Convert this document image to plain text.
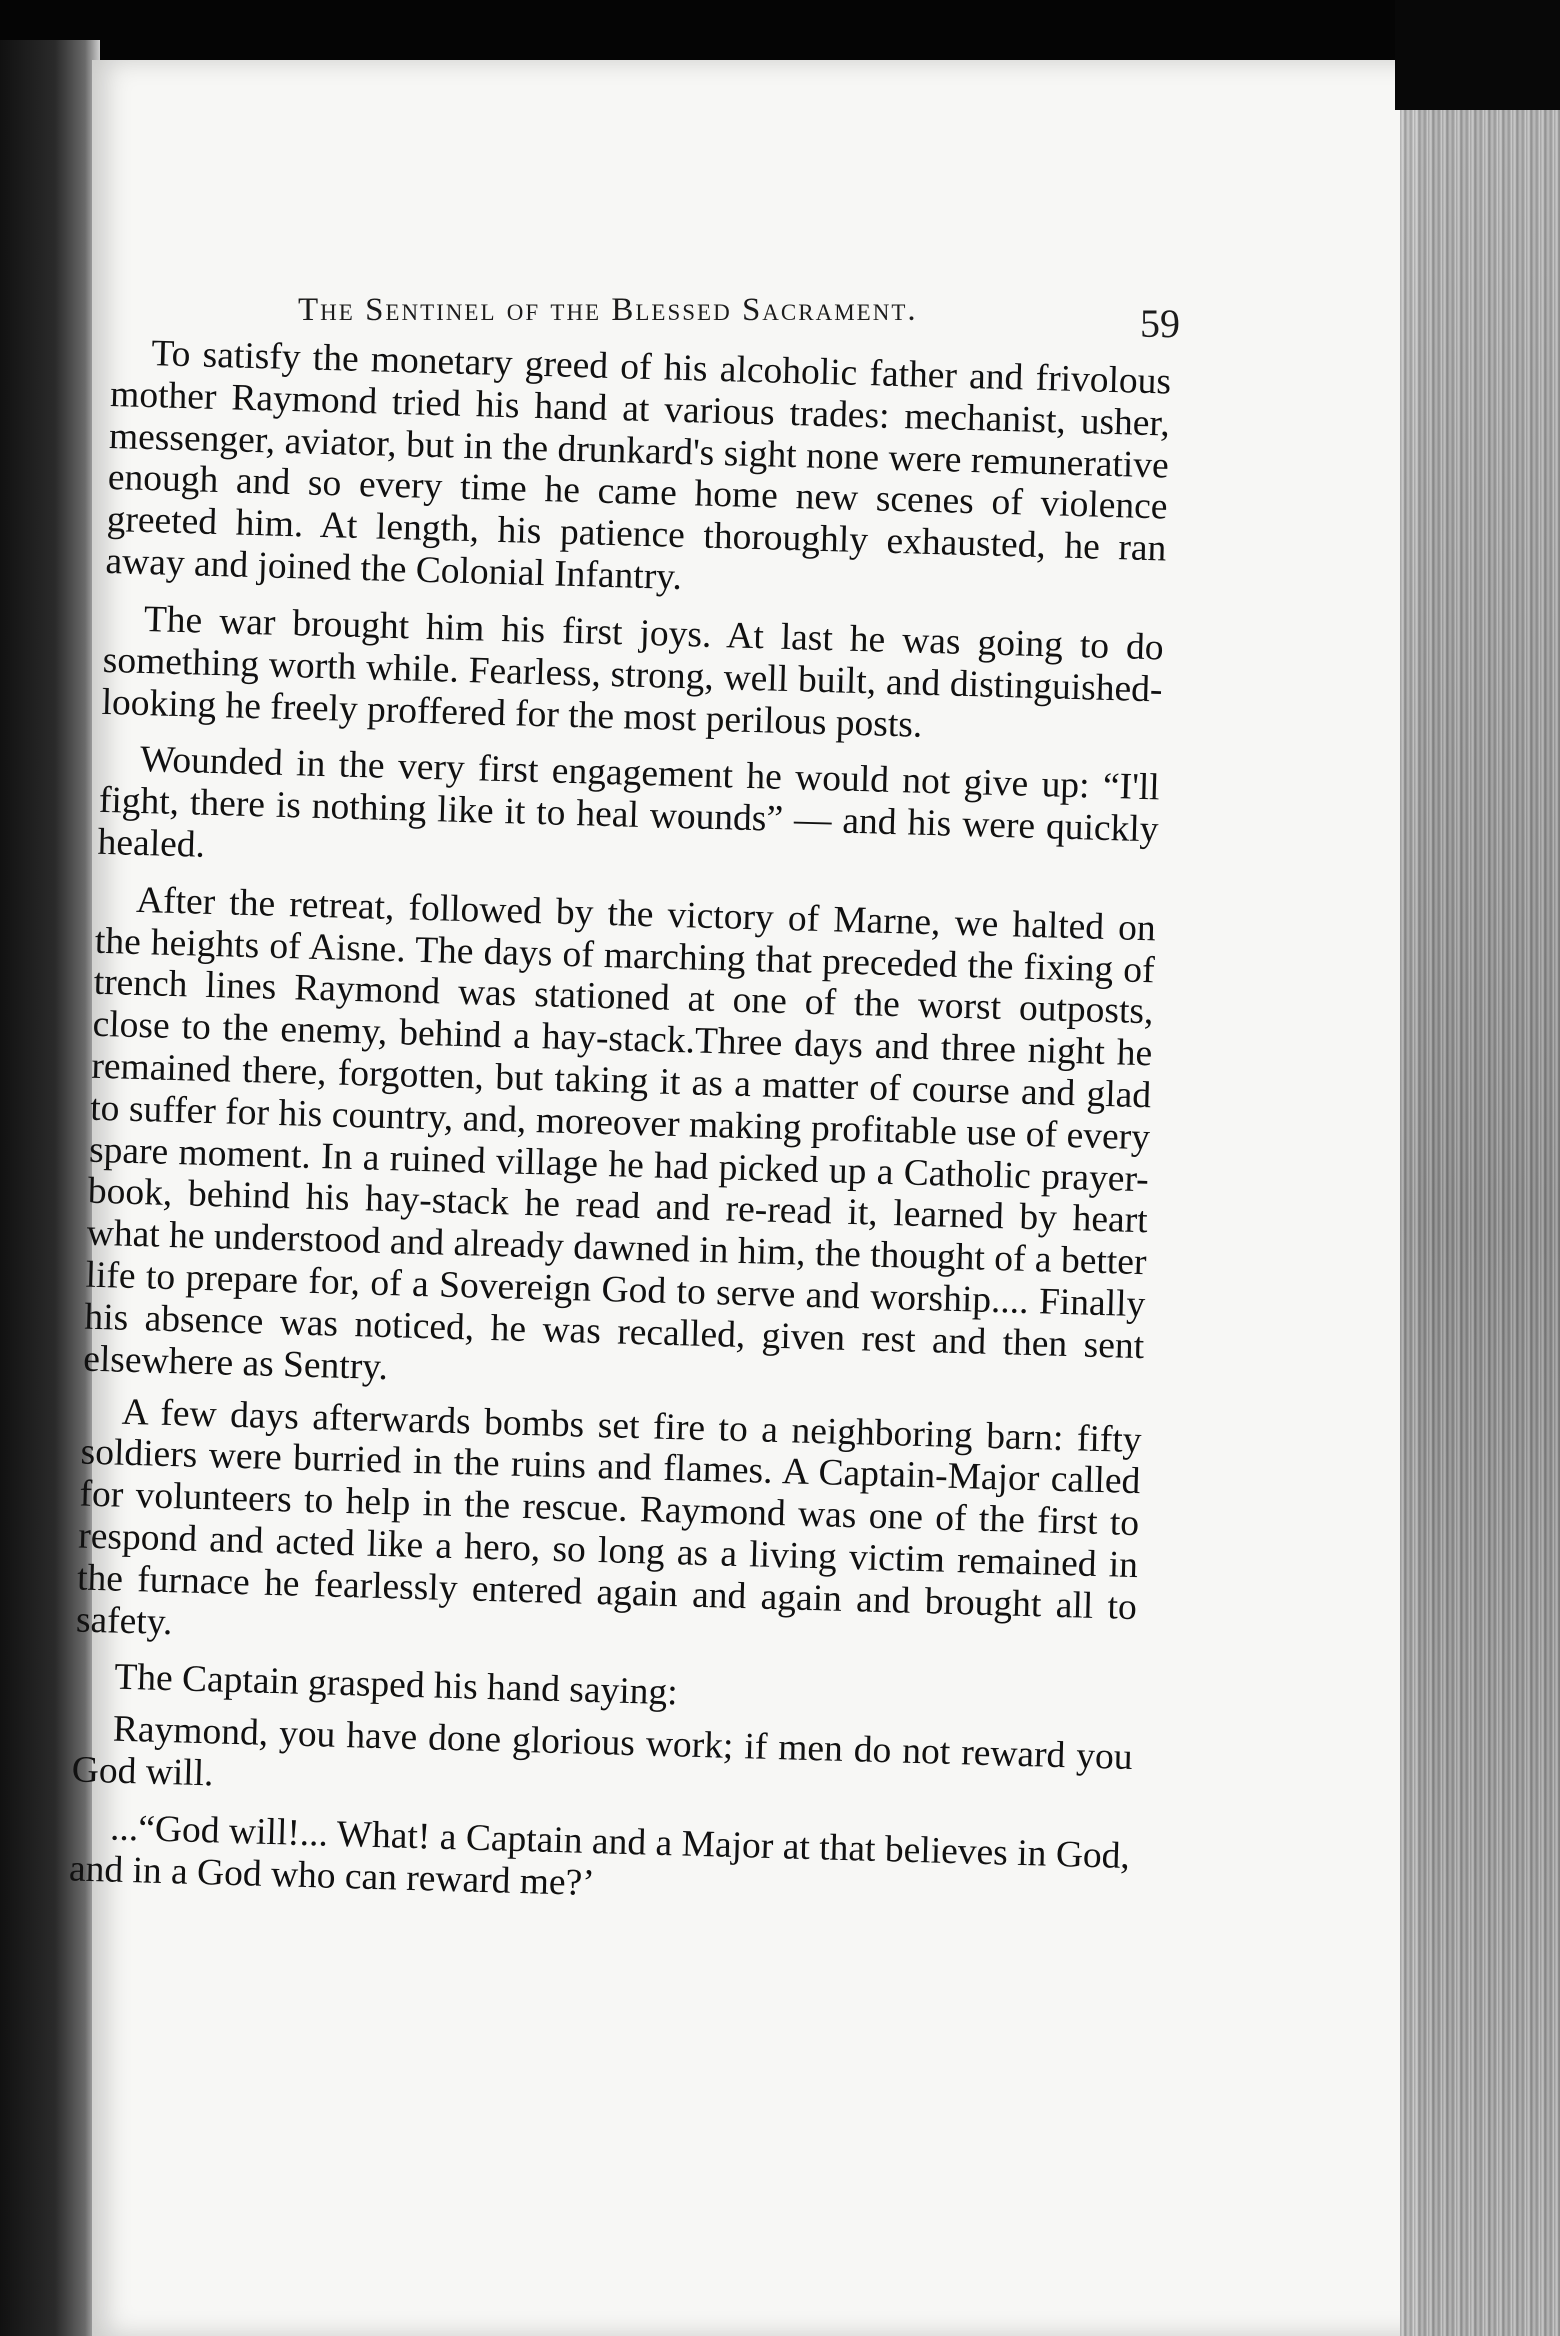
The Sentinel of the Blessed Sacrament.	59

To satisfy the monetary greed of his alcoholic father and frivolous mother Raymond tried his hand at various trades: mechanist, usher, messenger, aviator, but in the drunkard's sight none were remunerative enough and so every time he came home new scenes of violence greeted him. At length, his patience thoroughly exhausted, he ran away and joined the Colonial Infantry.

The war brought him his first joys. At last he was going to do something worth while. Fearless, strong, well built, and distinguished-looking he freely proffered for the most perilous posts.

Wounded in the very first engagement he would not give up: “I'll fight, there is nothing like it to heal wounds” — and his were quickly healed.

After the retreat, followed by the victory of Marne, we halted on the heights of Aisne. The days of marching that preceded the fixing of trench lines Raymond was stationed at one of the worst outposts, close to the enemy, behind a hay-stack.Three days and three night he remained there, forgotten, but taking it as a matter of course and glad to suffer for his country, and, moreover making profitable use of every spare moment. In a ruined village he had picked up a Catholic prayer-book, behind his hay-stack he read and re-read it, learned by heart what he understood and already dawned in him, the thought of a better life to prepare for, of a Sovereign God to serve and worship.... Finally his absence was noticed, he was recalled, given rest and then sent elsewhere as Sentry.

A few days afterwards bombs set fire to a neighboring barn: fifty soldiers were burried in the ruins and flames. A Captain-Major called for volunteers to help in the rescue. Raymond was one of the first to respond and acted like a hero, so long as a living victim remained in the furnace he fearlessly entered again and again and brought all to safety.

The Captain grasped his hand saying:

Raymond, you have done glorious work; if men do not reward you God will.

...“God will!... What! a Captain and a Major at that believes in God, and in a God who can reward me?’
